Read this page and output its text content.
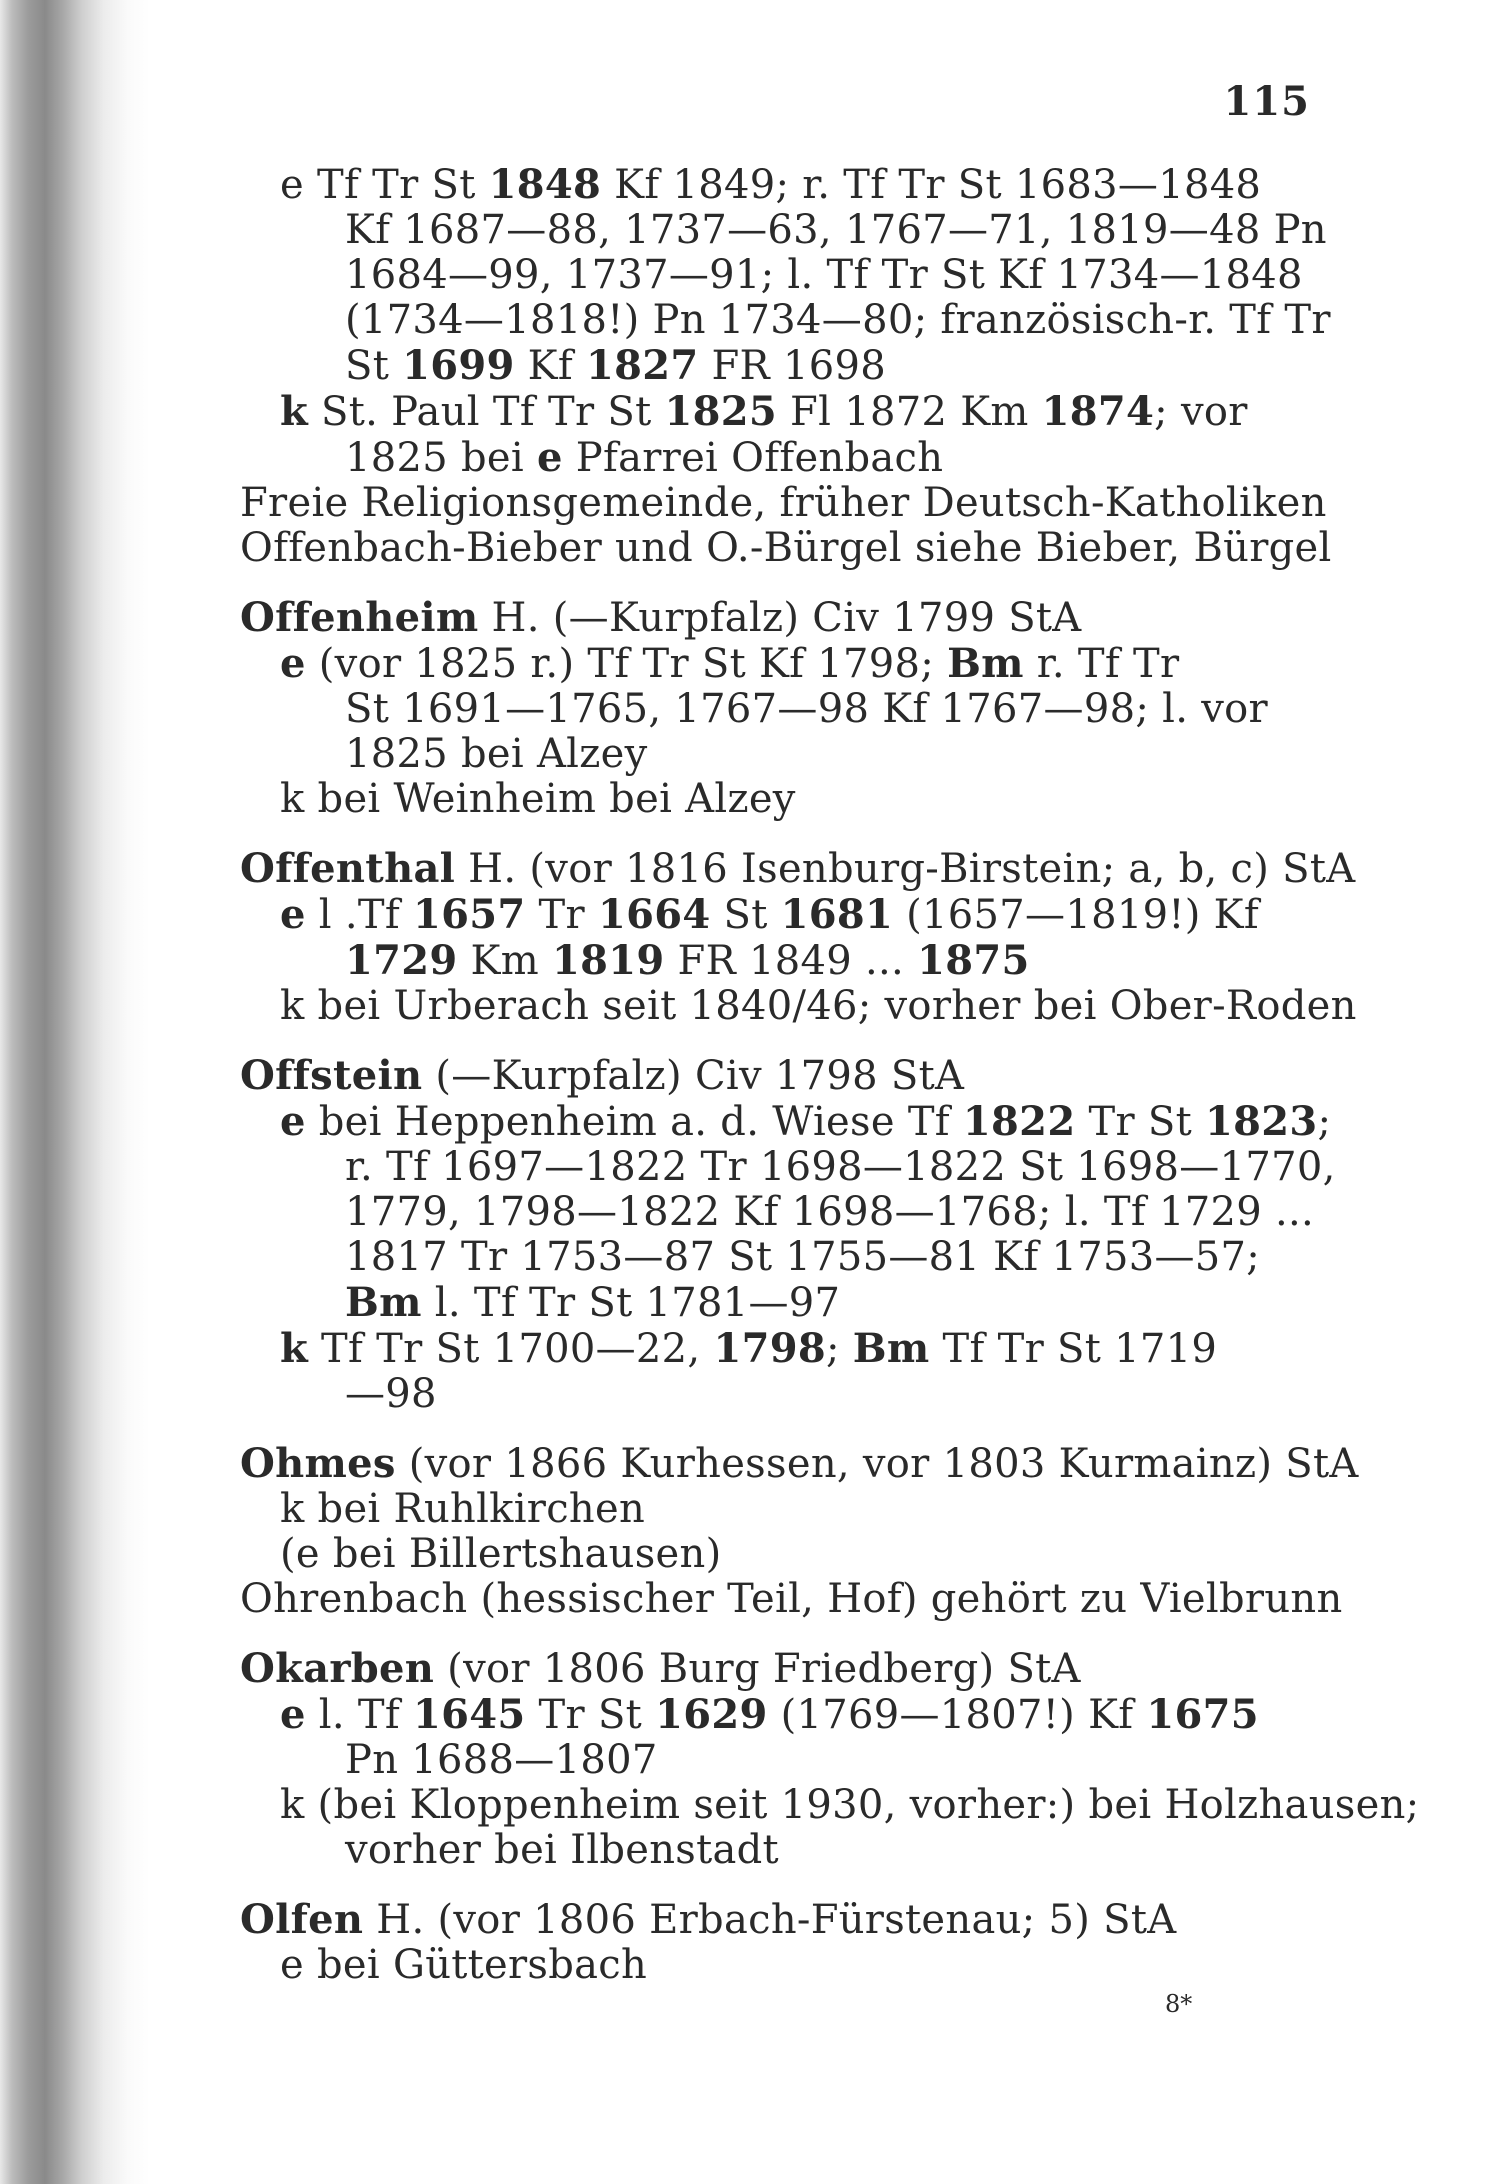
115
e Tf Tr St 1848 Kf 1849; r. Tf Tr St 1683—1848
Kf 1687—88, 1737—63, 1767—71, 1819—48 Pn
1684—99, 1737—91; l. Tf Tr St Kf 1734—1848
(1734—1818!) Pn 1734—80; französisch-r. Tf Tr
St 1699 Kf 1827 FR 1698
k St. Paul Tf Tr St 1825 Fl 1872 Km 1874; vor
1825 bei e Pfarrei Offenbach
Freie Religionsgemeinde, früher Deutsch-Katholiken
Offenbach-Bieber und O.-Bürgel siehe Bieber, Bürgel
Offenheim H. (—Kurpfalz) Civ 1799 StA
e (vor 1825 r.) Tf Tr St Kf 1798; Bm r. Tf Tr
St 1691—1765, 1767—98 Kf 1767—98; l. vor
1825 bei Alzey
k bei Weinheim bei Alzey
Offenthal H. (vor 1816 Isenburg-Birstein; a, b, c) StA
e l .Tf 1657 Tr 1664 St 1681 (1657—1819!) Kf
1729 Km 1819 FR 1849 ... 1875
k bei Urberach seit 1840/46; vorher bei Ober-Roden
Offstein (—Kurpfalz) Civ 1798 StA
e bei Heppenheim a. d. Wiese Tf 1822 Tr St 1823;
r. Tf 1697—1822 Tr 1698—1822 St 1698—1770,
1779, 1798—1822 Kf 1698—1768; l. Tf 1729 ...
1817 Tr 1753—87 St 1755—81 Kf 1753—57;
Bm l. Tf Tr St 1781—97
k Tf Tr St 1700—22, 1798; Bm Tf Tr St 1719
—98
Ohmes (vor 1866 Kurhessen, vor 1803 Kurmainz) StA
k bei Ruhlkirchen
(e bei Billertshausen)
Ohrenbach (hessischer Teil, Hof) gehört zu Vielbrunn
Okarben (vor 1806 Burg Friedberg) StA
e l. Tf 1645 Tr St 1629 (1769—1807!) Kf 1675
Pn 1688—1807
k (bei Kloppenheim seit 1930, vorher:) bei Holzhausen;
vorher bei Ilbenstadt
Olfen H. (vor 1806 Erbach-Fürstenau; 5) StA
e bei Güttersbach
8*
